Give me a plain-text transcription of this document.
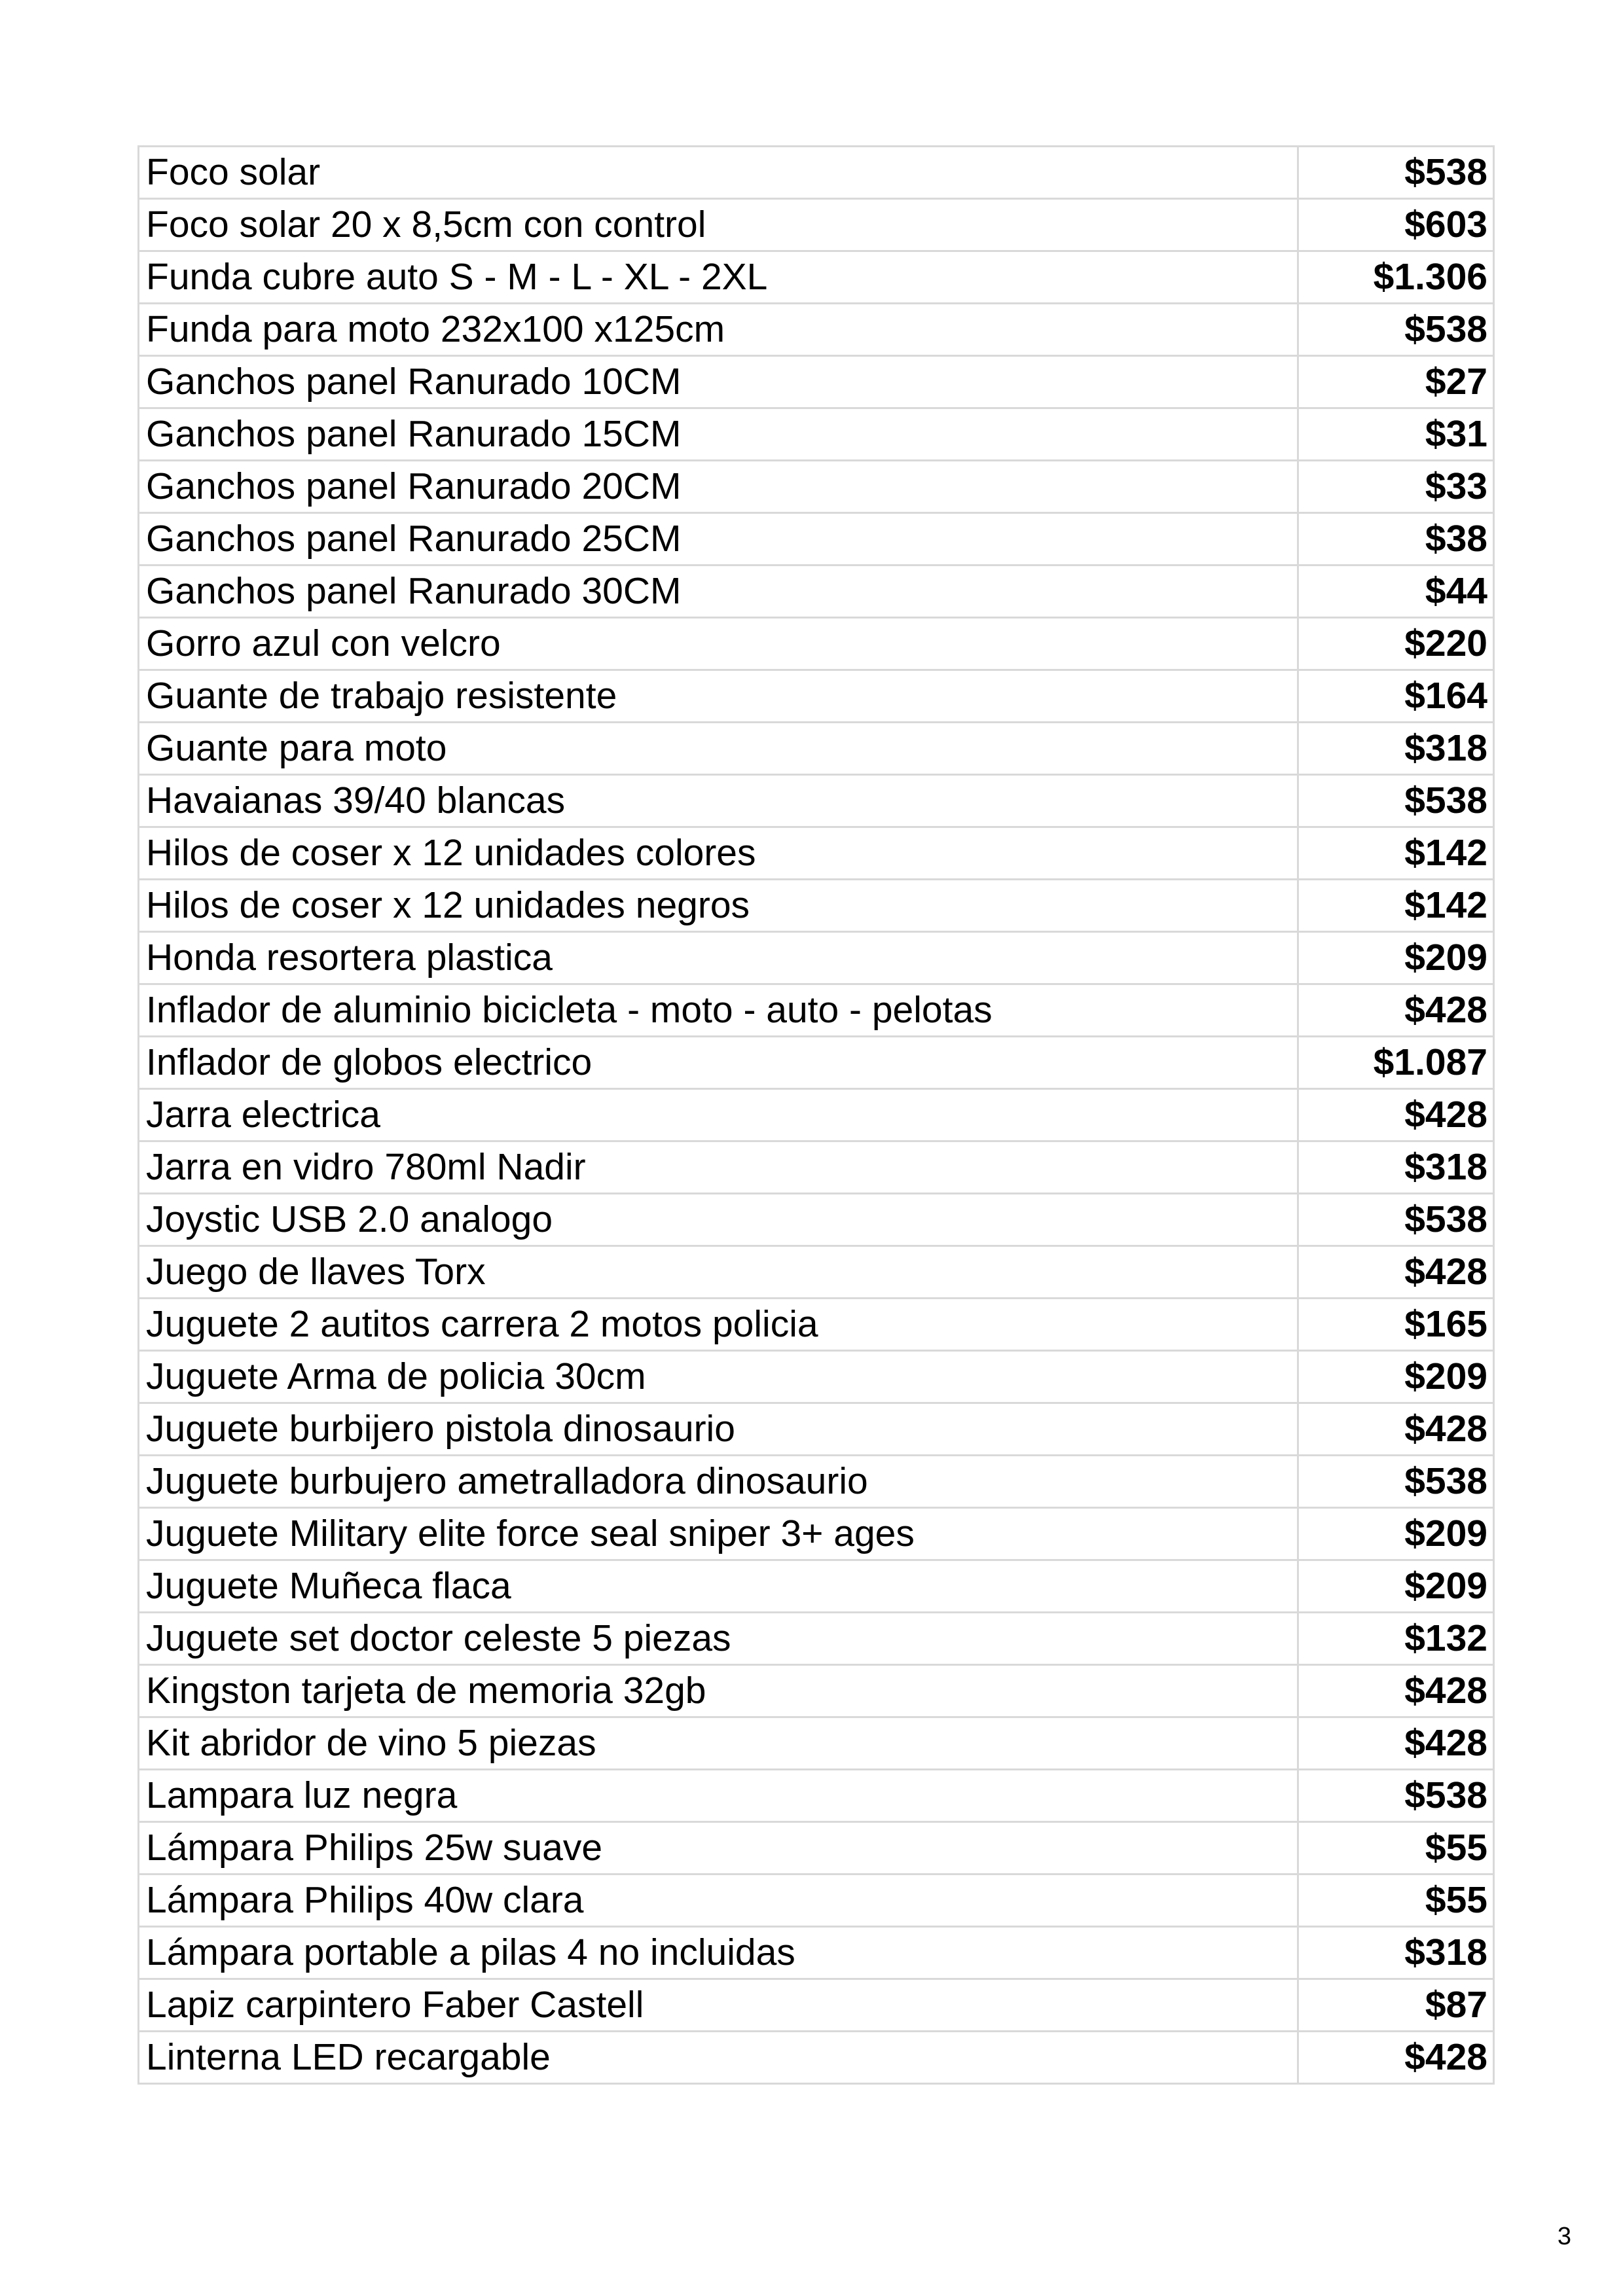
Foco solar	$538
Foco solar 20 x 8,5cm con control	$603
Funda cubre auto S - M - L - XL - 2XL	$1.306
Funda para moto 232x100 x125cm	$538
Ganchos panel Ranurado 10CM	$27
Ganchos panel Ranurado 15CM	$31
Ganchos panel Ranurado 20CM	$33
Ganchos panel Ranurado 25CM	$38
Ganchos panel Ranurado 30CM	$44
Gorro azul con velcro	$220
Guante de trabajo resistente	$164
Guante para moto	$318
Havaianas 39/40 blancas	$538
Hilos de coser x 12 unidades colores	$142
Hilos de coser x 12 unidades negros	$142
Honda resortera plastica	$209
Inflador de aluminio bicicleta - moto - auto - pelotas	$428
Inflador de globos electrico	$1.087
Jarra electrica	$428
Jarra en vidro 780ml Nadir	$318
Joystic USB 2.0 analogo	$538
Juego de llaves Torx	$428
Juguete 2 autitos carrera 2 motos policia	$165
Juguete Arma de policia 30cm	$209
Juguete burbijero pistola dinosaurio	$428
Juguete burbujero ametralladora dinosaurio	$538
Juguete Military elite force seal sniper 3+ ages	$209
Juguete Muñeca flaca	$209
Juguete set doctor celeste 5 piezas	$132
Kingston tarjeta de memoria 32gb	$428
Kit abridor de vino 5 piezas	$428
Lampara luz negra	$538
Lámpara Philips 25w suave	$55
Lámpara Philips 40w clara	$55
Lámpara portable a pilas 4 no incluidas	$318
Lapiz carpintero Faber Castell	$87
Linterna LED recargable	$428
3
